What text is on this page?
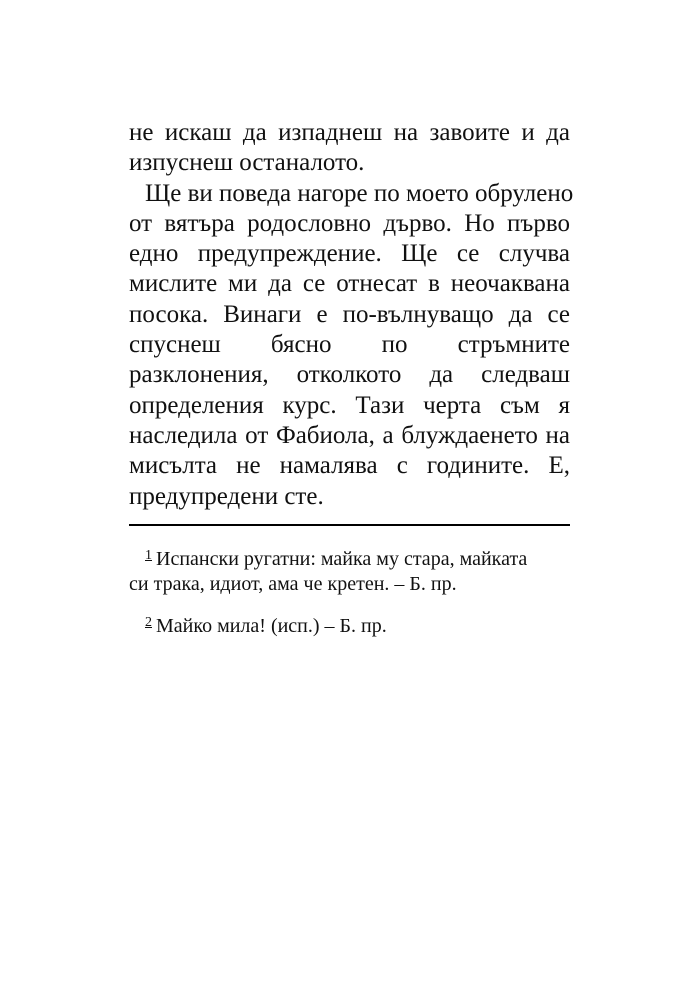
не искаш да изпаднеш на завоите и да
изпуснеш останалото.
Ще ви поведа нагоре по моето обрулено
от вятъра родословно дърво. Но първо
едно предупреждение. Ще се случва
мислите ми да се отнесат в неочаквана
посока. Винаги е по-вълнуващо да се
спуснеш бясно по стръмните
разклонения, отколкото да следваш
определения курс. Тази черта съм я
наследила от Фабиола, а блуждаенето на
мисълта не намалява с годините. Е,
предупредени сте.
$^1$ Испански ругатни: майка му стара, майката
си трака, идиот, ама че кретен. – Б. пр.
$^2$ Майко мила! (исп.) – Б. пр.
